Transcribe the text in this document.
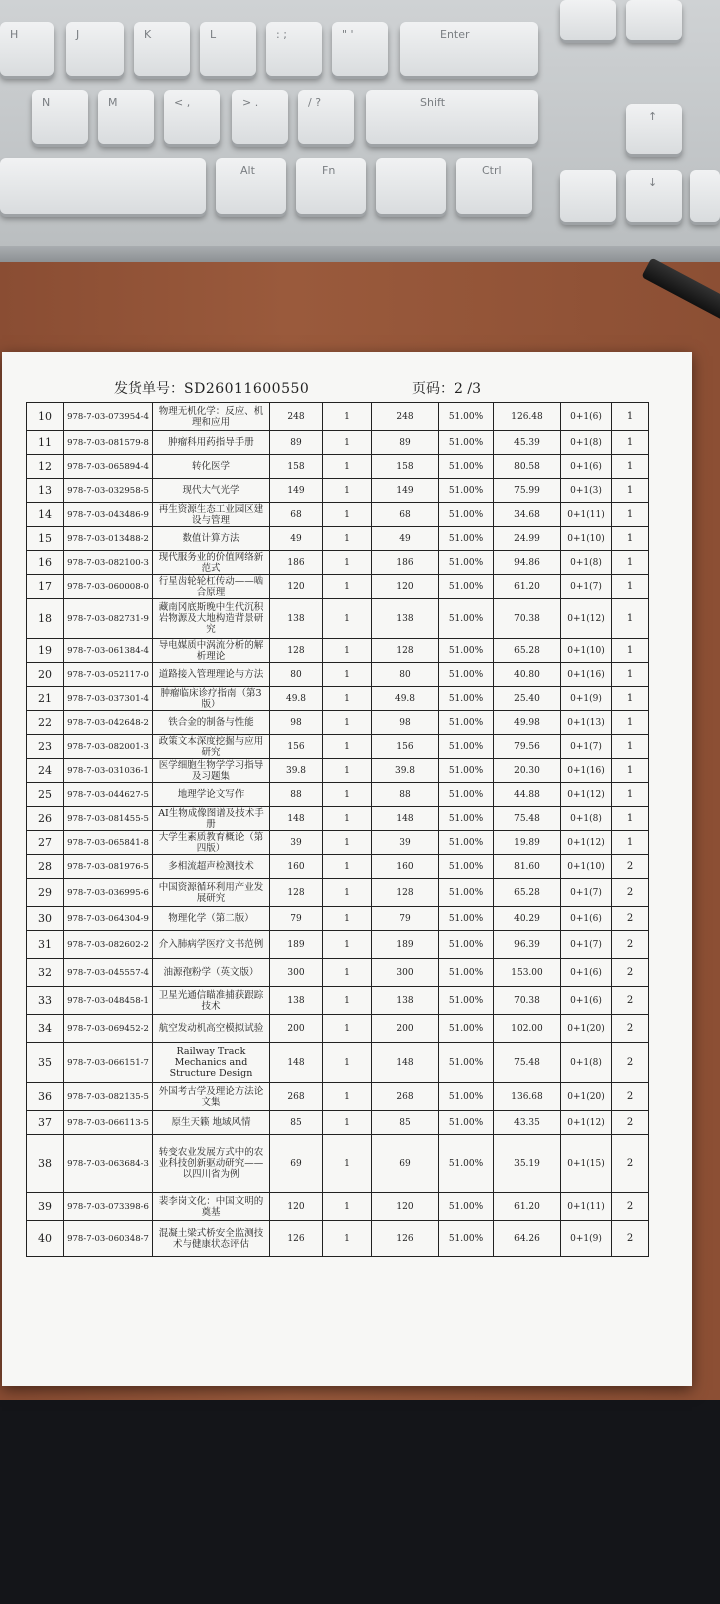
H	J	K	L	: ;	" '	Enter
N	M	< ,	> .	/ ?	Shift
Alt	Fn	Ctrl
↑
↓
发货单号：SD26011600550	页码：2 /3
10	978-7-03-073954-4	物理无机化学：反应、机理和应用	248	1	248	51.00%	126.48	0+1(6)	1
11	978-7-03-081579-8	肿瘤科用药指导手册	89	1	89	51.00%	45.39	0+1(8)	1
12	978-7-03-065894-4	转化医学	158	1	158	51.00%	80.58	0+1(6)	1
13	978-7-03-032958-5	现代大气光学	149	1	149	51.00%	75.99	0+1(3)	1
14	978-7-03-043486-9	再生资源生态工业园区建设与管理	68	1	68	51.00%	34.68	0+1(11)	1
15	978-7-03-013488-2	数值计算方法	49	1	49	51.00%	24.99	0+1(10)	1
16	978-7-03-082100-3	现代服务业的价值网络新范式	186	1	186	51.00%	94.86	0+1(8)	1
17	978-7-03-060008-0	行星齿轮轮杠传动——啮合原理	120	1	120	51.00%	61.20	0+1(7)	1
18	978-7-03-082731-9	藏南冈底斯晚中生代沉积岩物源及大地构造背景研究	138	1	138	51.00%	70.38	0+1(12)	1
19	978-7-03-061384-4	导电媒质中涡流分析的解析理论	128	1	128	51.00%	65.28	0+1(10)	1
20	978-7-03-052117-0	道路接入管理理论与方法	80	1	80	51.00%	40.80	0+1(16)	1
21	978-7-03-037301-4	肿瘤临床诊疗指南（第3版）	49.8	1	49.8	51.00%	25.40	0+1(9)	1
22	978-7-03-042648-2	铁合金的制备与性能	98	1	98	51.00%	49.98	0+1(13)	1
23	978-7-03-082001-3	政策文本深度挖掘与应用研究	156	1	156	51.00%	79.56	0+1(7)	1
24	978-7-03-031036-1	医学细胞生物学学习指导及习题集	39.8	1	39.8	51.00%	20.30	0+1(16)	1
25	978-7-03-044627-5	地理学论文写作	88	1	88	51.00%	44.88	0+1(12)	1
26	978-7-03-081455-5	AI生物成像图谱及技术手册	148	1	148	51.00%	75.48	0+1(8)	1
27	978-7-03-065841-8	大学生素质教育概论（第四版）	39	1	39	51.00%	19.89	0+1(12)	1
28	978-7-03-081976-5	多相流超声检测技术	160	1	160	51.00%	81.60	0+1(10)	2
29	978-7-03-036995-6	中国资源循环利用产业发展研究	128	1	128	51.00%	65.28	0+1(7)	2
30	978-7-03-064304-9	物理化学（第二版）	79	1	79	51.00%	40.29	0+1(6)	2
31	978-7-03-082602-2	介入肺病学医疗文书范例	189	1	189	51.00%	96.39	0+1(7)	2
32	978-7-03-045557-4	油源孢粉学（英文版）	300	1	300	51.00%	153.00	0+1(6)	2
33	978-7-03-048458-1	卫星光通信瞄准捕获跟踪技术	138	1	138	51.00%	70.38	0+1(6)	2
34	978-7-03-069452-2	航空发动机高空模拟试验	200	1	200	51.00%	102.00	0+1(20)	2
35	978-7-03-066151-7	Railway Track Mechanics and Structure Design	148	1	148	51.00%	75.48	0+1(8)	2
36	978-7-03-082135-5	外国考古学及理论方法论文集	268	1	268	51.00%	136.68	0+1(20)	2
37	978-7-03-066113-5	原生天籁 地域风情	85	1	85	51.00%	43.35	0+1(12)	2
38	978-7-03-063684-3	转变农业发展方式中的农业科技创新驱动研究——以四川省为例	69	1	69	51.00%	35.19	0+1(15)	2
39	978-7-03-073398-6	裴李岗文化：中国文明的奠基	120	1	120	51.00%	61.20	0+1(11)	2
40	978-7-03-060348-7	混凝土梁式桥安全监测技术与健康状态评估	126	1	126	51.00%	64.26	0+1(9)	2
